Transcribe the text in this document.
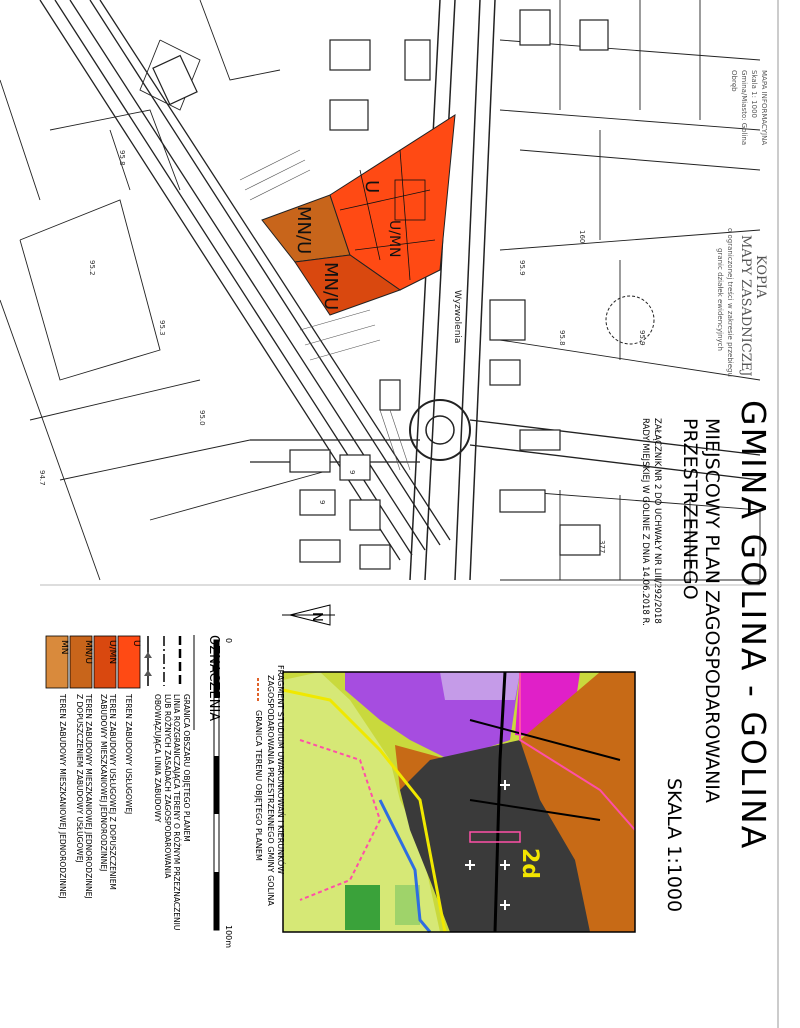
95.8
95.2
95.3
95.0
95.9
160
95.8
377
95.9
9
9
94.7
MN/U
U
U/MN
MN/U
Wyzwolenia
MAPA INFORMACYJNA
Skala 1: 1000
Gmina/Miasto: Golina
Obręb
KOPIA
MAPY ZASADNICZEJ
o ograniczonej treści w zakresie przebiegu
granic działek ewidencyjnych
GMINA GOLINA - GOLINA
MIEJSCOWY PLAN ZAGOSPODAROWANIA
PRZESTRZENNEGO
SKALA 1:1000
ZAŁĄCZNIK NR 2 DO UCHWAŁY NR LIII/292/2018
RADY MIEJSKIEJ W GOLINIE Z DNIA 14.06.2018 R.
N
2d
FRAGMENT STUDIUM UWARUNKOWAŃ I KIERUNKÓW
ZAGOSPODAROWANIA PRZESTRZENNEGO GMINY GOLINA
GRANICA TERENU OBJĘTEGO PLANEM
0
100m
OZNACZENIA
GRANICA OBSZARU OBJĘTEGO PLANEM
LINIA ROZGRANICZAJĄCA TERENY O RÓŻNYM PRZEZNACZENIU
LUB RÓŻNYCH ZASADACH ZAGOSPODAROWANIA
OBOWIĄZUJĄCA LINIA ZABUDOWY
U
TEREN ZABUDOWY USŁUGOWEJ
U/MN
TEREN ZABUDOWY USŁUGOWEJ Z DOPUSZCZENIEM
ZABUDOWY MIESZKANIOWEJ JEDNORODZINNEJ
MN/U
TEREN ZABUDOWY MIESZKANIOWEJ JEDNORODZINNEJ
Z DOPUSZCZENIEM ZABUDOWY USŁUGOWEJ
MN
TEREN ZABUDOWY MIESZKANIOWEJ JEDNORODZINNEJ
